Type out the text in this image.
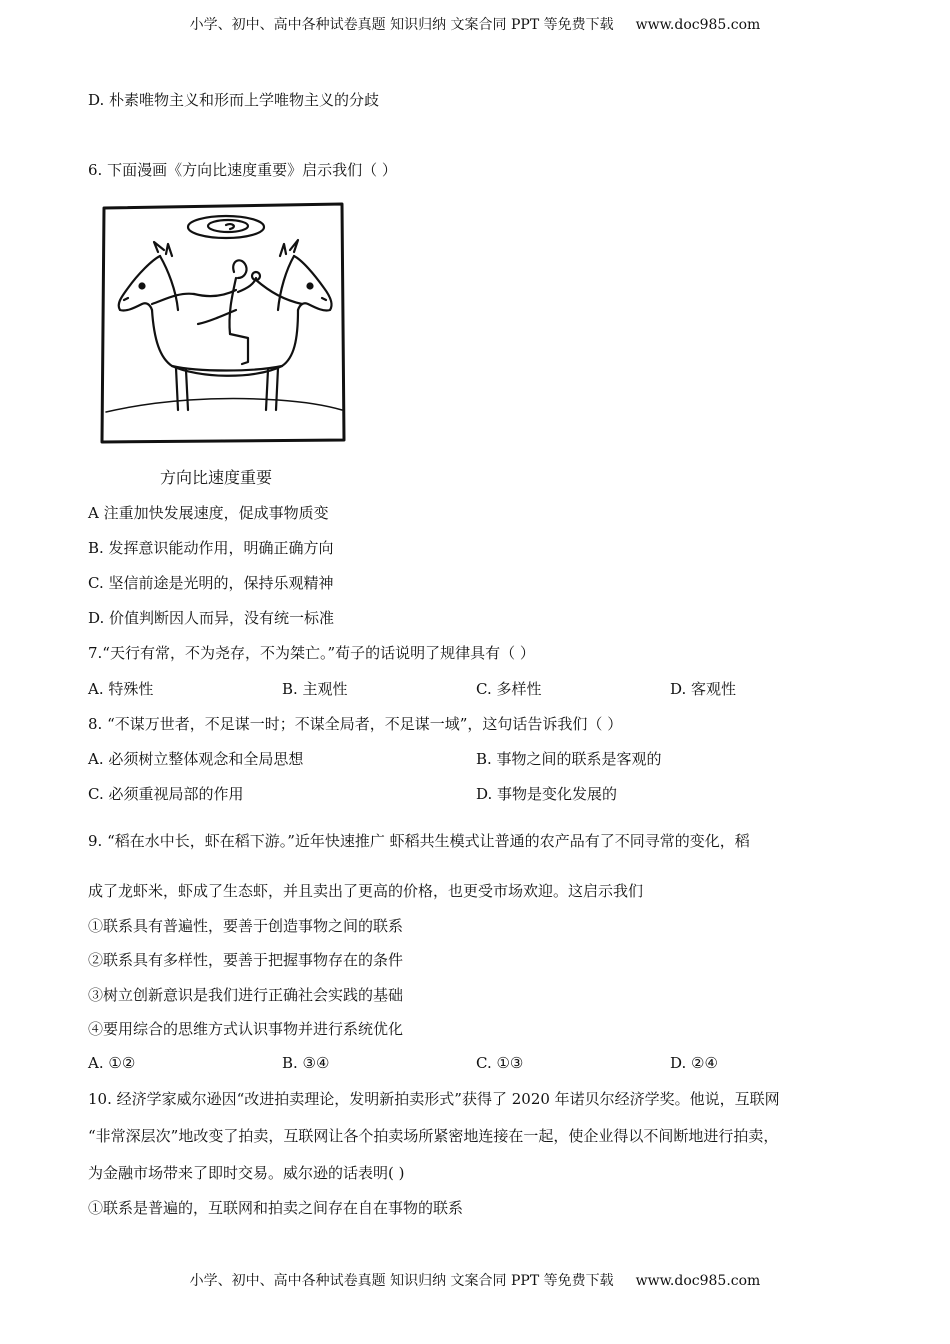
小学、初中、高中各种试卷真题 知识归纳 文案合同 PPT 等免费下载 www.doc985.com
D. 朴素唯物主义和形而上学唯物主义的分歧
6. 下面漫画《方向比速度重要》启示我们（ ）
方向比速度重要
A 注重加快发展速度，促成事物质变
B. 发挥意识能动作用，明确正确方向
C. 坚信前途是光明的，保持乐观精神
D. 价值判断因人而异，没有统一标准
7.“天行有常，不为尧存，不为桀亡。”荀子的话说明了规律具有（ ）
A. 特殊性	B. 主观性	C. 多样性	D. 客观性
8. “不谋万世者，不足谋一时；不谋全局者，不足谋一域”，这句话告诉我们（ ）
A. 必须树立整体观念和全局思想	B. 事物之间的联系是客观的
C. 必须重视局部的作用	D. 事物是变化发展的
9. “稻在水中长，虾在稻下游。”近年快速推广 虾稻共生模式让普通的农产品有了不同寻常的变化，稻
成了龙虾米，虾成了生态虾，并且卖出了更高的价格，也更受市场欢迎。这启示我们
①联系具有普遍性，要善于创造事物之间的联系
②联系具有多样性，要善于把握事物存在的条件
③树立创新意识是我们进行正确社会实践的基础
④要用综合的思维方式认识事物并进行系统优化
A. ①②	B. ③④	C. ①③	D. ②④
10. 经济学家威尔逊因“改进拍卖理论，发明新拍卖形式”获得了 2020 年诺贝尔经济学奖。他说，互联网
“非常深层次”地改变了拍卖，互联网让各个拍卖场所紧密地连接在一起，使企业得以不间断地进行拍卖，
为金融市场带来了即时交易。威尔逊的话表明( )
①联系是普遍的，互联网和拍卖之间存在自在事物的联系
小学、初中、高中各种试卷真题 知识归纳 文案合同 PPT 等免费下载 www.doc985.com
